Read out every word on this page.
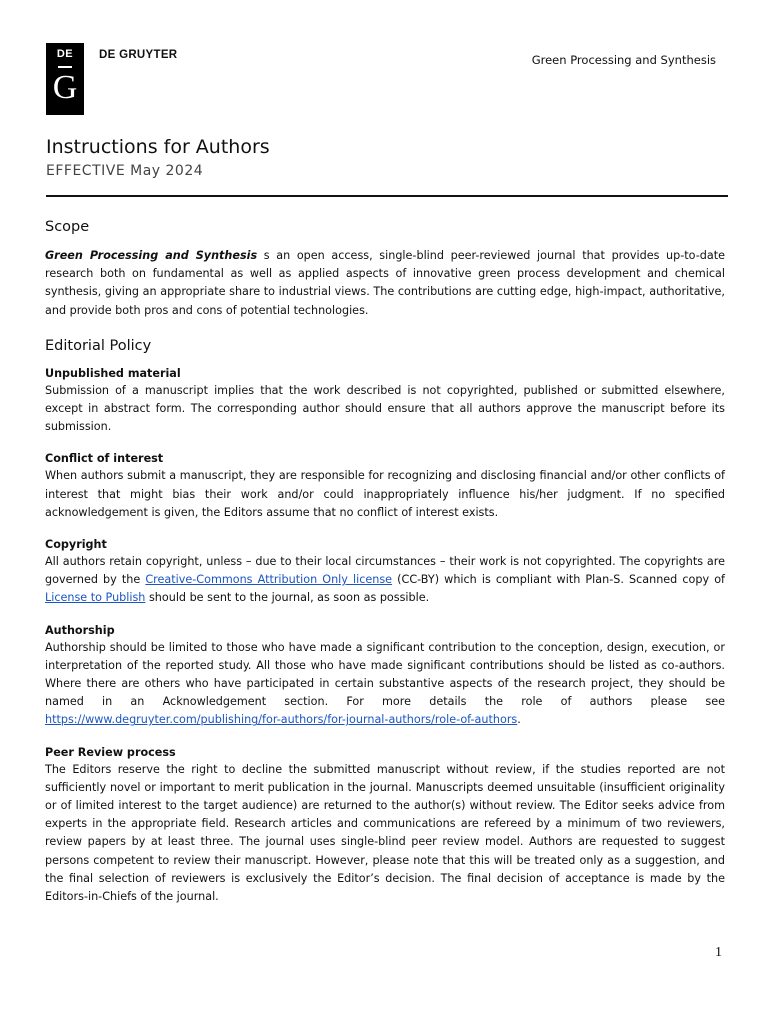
DE
G
DE GRUYTER	Green Processing and Synthesis
Instructions for Authors
EFFECTIVE May 2024
Scope

Green Processing and Synthesis s an open access, single-blind peer-reviewed journal that provides up-to-date research both on fundamental as well as applied aspects of innovative green process development and chemical synthesis, giving an appropriate share to industrial views. The contributions are cutting edge, high-impact, authoritative, and provide both pros and cons of potential technologies.

Editorial Policy
Unpublished material

Submission of a manuscript implies that the work described is not copyrighted, published or submitted elsewhere, except in abstract form. The corresponding author should ensure that all authors approve the manuscript before its submission.

Conflict of interest

When authors submit a manuscript, they are responsible for recognizing and disclosing financial and/or other conflicts of interest that might bias their work and/or could inappropriately influence his/her judgment. If no specified acknowledgement is given, the Editors assume that no conflict of interest exists.

Copyright

All authors retain copyright, unless – due to their local circumstances – their work is not copyrighted. The copyrights are governed by the Creative-Commons Attribution Only license (CC-BY) which is compliant with Plan-S. Scanned copy of License to Publish should be sent to the journal, as soon as possible.

Authorship

Authorship should be limited to those who have made a significant contribution to the conception, design, execution, or interpretation of the reported study. All those who have made significant contributions should be listed as co-authors. Where there are others who have participated in certain substantive aspects of the research project, they should be named in an Acknowledgement section. For more details the role of authors please see https://www.degruyter.com/publishing/for-authors/for-journal-authors/role-of-authors.

Peer Review process

The Editors reserve the right to decline the submitted manuscript without review, if the studies reported are not sufficiently novel or important to merit publication in the journal. Manuscripts deemed unsuitable (insufficient originality or of limited interest to the target audience) are returned to the author(s) without review. The Editor seeks advice from experts in the appropriate field. Research articles and communications are refereed by a minimum of two reviewers, review papers by at least three. The journal uses single-blind peer review model. Authors are requested to suggest persons competent to review their manuscript. However, please note that this will be treated only as a suggestion, and the final selection of reviewers is exclusively the Editor’s decision. The final decision of acceptance is made by the Editors-in-Chiefs of the journal.

1
